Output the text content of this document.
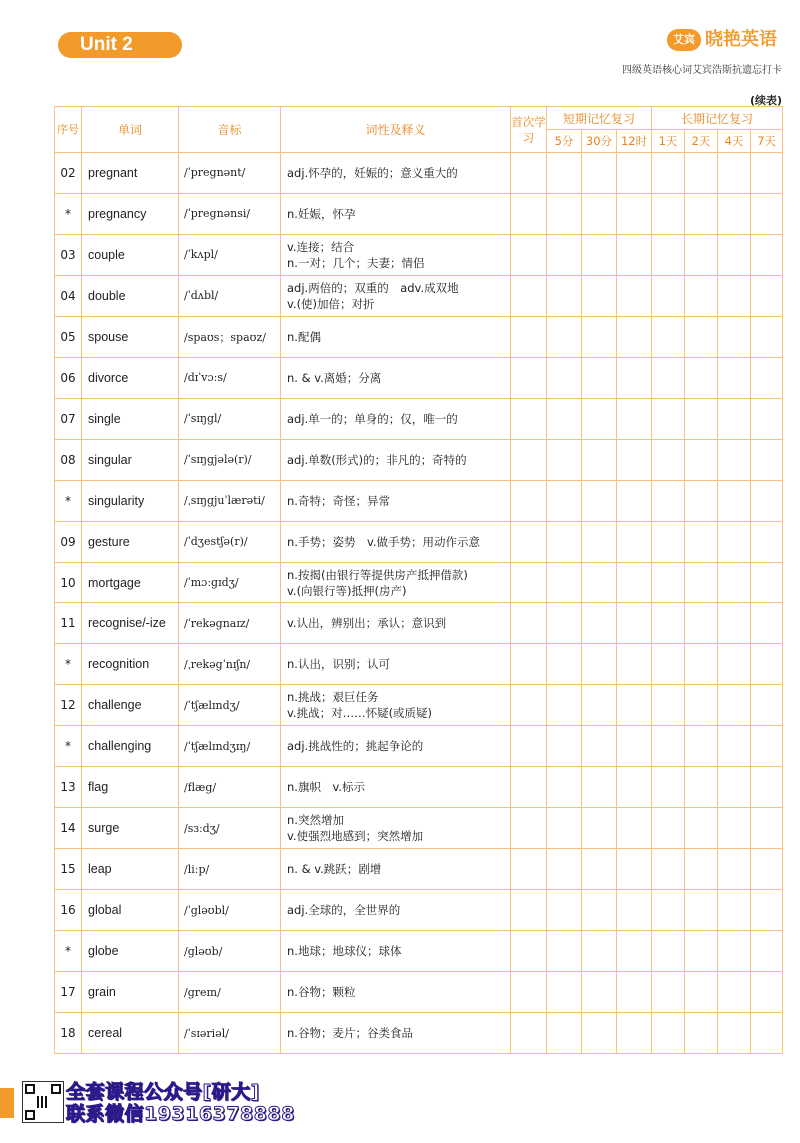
Unit 2	艾宾 晓艳英语
四级英语核心词艾宾浩斯抗遗忘打卡
(续表)
序号	单词	音标	词性及释义	首次学习	短期记忆复习			长期记忆复习			
					5分	30分	12时	1天	2天	4天	7天
02	pregnant	/ˈpregnənt/	adj.怀孕的，妊娠的；意义重大的								

*	pregnancy	/ˈpregnənsi/	n.妊娠，怀孕								

03	couple	/ˈkʌpl/	v.连接；结合
n.一对；几个；夫妻；情侣								

04	double	/ˈdʌbl/	adj.两倍的；双重的　adv.成双地
v.(使)加倍；对折								

05	spouse	/spaʊs；spaʊz/	n.配偶								

06	divorce	/dɪˈvɔːs/	n. & v.离婚；分离								

07	single	/ˈsɪŋgl/	adj.单一的；单身的；仅，唯一的								

08	singular	/ˈsɪŋgjələ(r)/	adj.单数(形式)的；非凡的；奇特的								

*	singularity	/ˌsɪŋgjuˈlærəti/	n.奇特；奇怪；异常								

09	gesture	/ˈdʒestʃə(r)/	n.手势；姿势　v.做手势；用动作示意								

10	mortgage	/ˈmɔːgɪdʒ/	n.按揭(由银行等提供房产抵押借款)
v.(向银行等)抵押(房产)								

11	recognise/-ize	/ˈrekəgnaɪz/	v.认出，辨别出；承认；意识到								

*	recognition	/ˌrekəgˈnɪʃn/	n.认出，识别；认可								

12	challenge	/ˈtʃælɪndʒ/	n.挑战；艰巨任务
v.挑战；对……怀疑(或质疑)								

*	challenging	/ˈtʃælɪndʒɪŋ/	adj.挑战性的；挑起争论的								

13	flag	/flæg/	n.旗帜　v.标示								

14	surge	/sɜːdʒ/	n.突然增加
v.使强烈地感到；突然增加								

15	leap	/liːp/	n. & v.跳跃；剧增								

16	global	/ˈgləʊbl/	adj.全球的，全世界的								

*	globe	/gləʊb/	n.地球；地球仪；球体								

17	grain	/greɪn/	n.谷物；颗粒								

18	cereal	/ˈsɪəriəl/	n.谷物；麦片；谷类食品								

全套课程公众号[研大]
联系微信19316378888
